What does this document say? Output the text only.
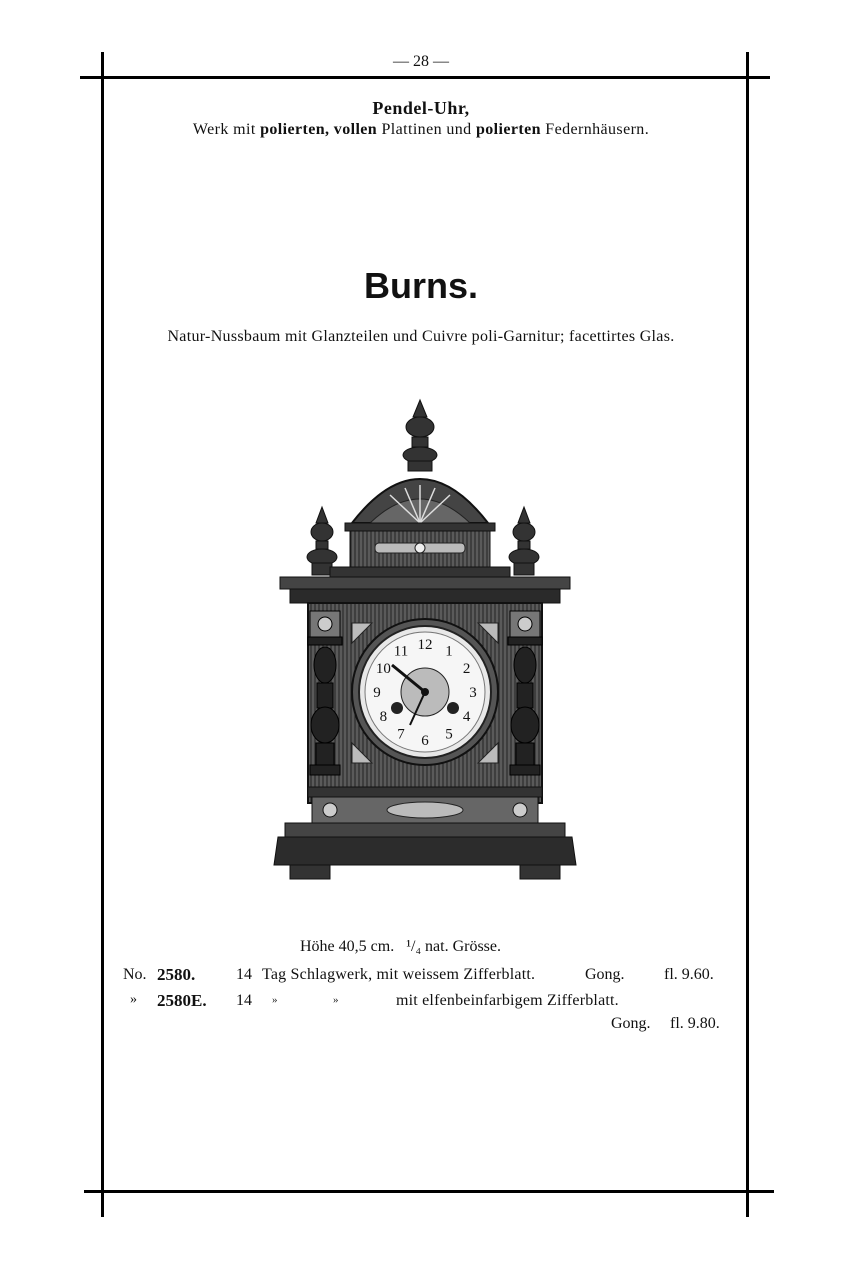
— 28 —
Pendel-Uhr,
Werk mit polierten, vollen Plattinen und polierten Federnhäusern.
Burns.
Natur-Nussbaum mit Glanzteilen und Cuivre poli-Garnitur; facettirtes Glas.
12 1
2
3
4
5
6
7
8
9
10
11
Höhe 40,5 cm. ¹/₄ nat. Grösse.
No. 2580.	14 Tag Schlagwerk, mit weissem Zifferblatt.	Gong. fl. 9.60.
» 2580E. 14 »	»	mit elfenbeinfarbigem Zifferblatt.
Gong. fl. 9.80.
